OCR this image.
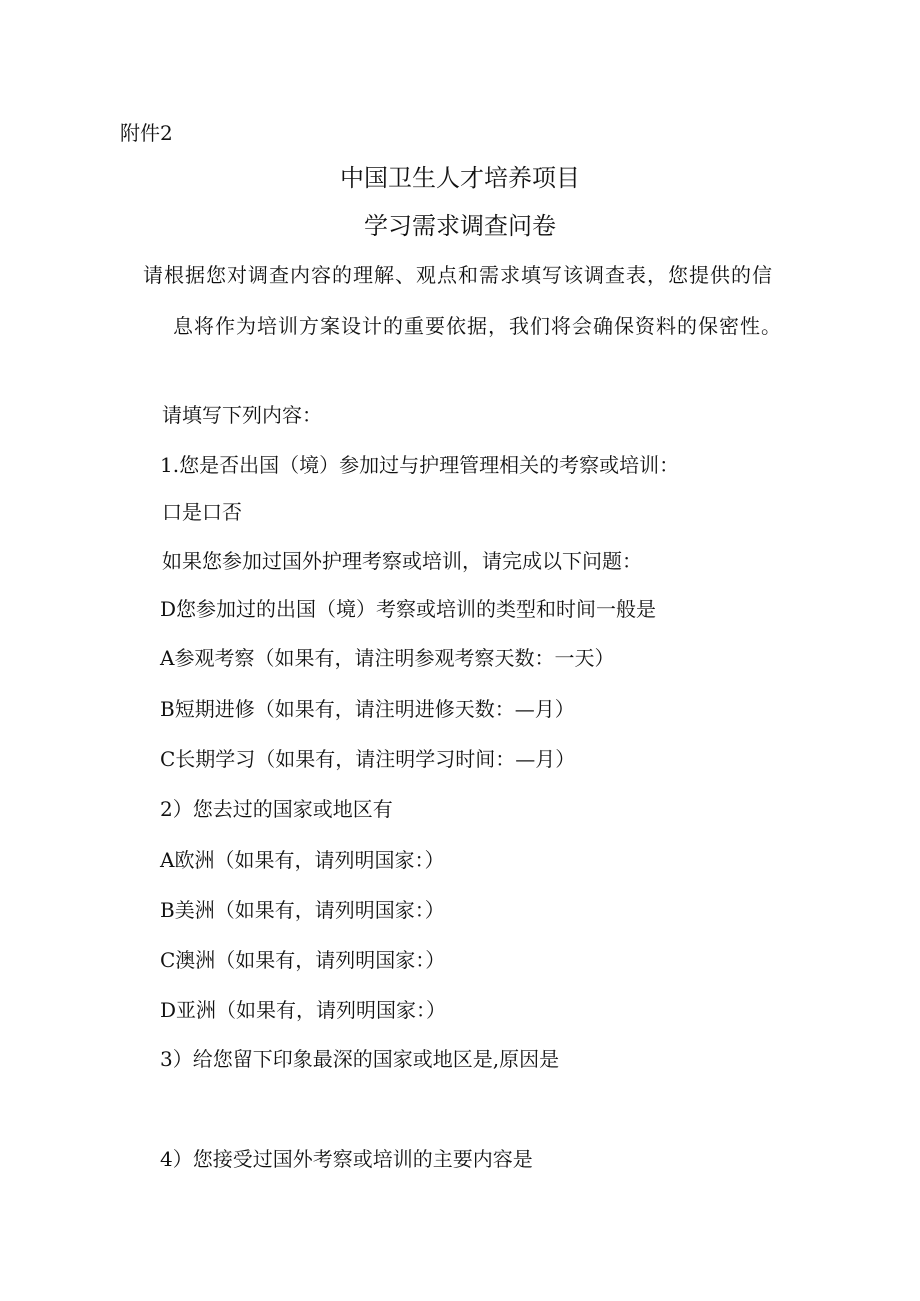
附件2
中国卫生人才培养项目
学习需求调查问卷
请根据您对调查内容的理解、观点和需求填写该调查表，您提供的信
息将作为培训方案设计的重要依据，我们将会确保资料的保密性。
请填写下列内容：
1.您是否出国（境）参加过与护理管理相关的考察或培训：
口是口否
如果您参加过国外护理考察或培训，请完成以下问题：
D您参加过的出国（境）考察或培训的类型和时间一般是
A参观考察（如果有，请注明参观考察天数：一天）
B短期进修（如果有，请注明进修天数：—月）
C长期学习（如果有，请注明学习时间：—月）
2）您去过的国家或地区有
A欧洲（如果有，请列明国家：）
B美洲（如果有，请列明国家：）
C澳洲（如果有，请列明国家：）
D亚洲（如果有，请列明国家：）
3）给您留下印象最深的国家或地区是,原因是
4）您接受过国外考察或培训的主要内容是
